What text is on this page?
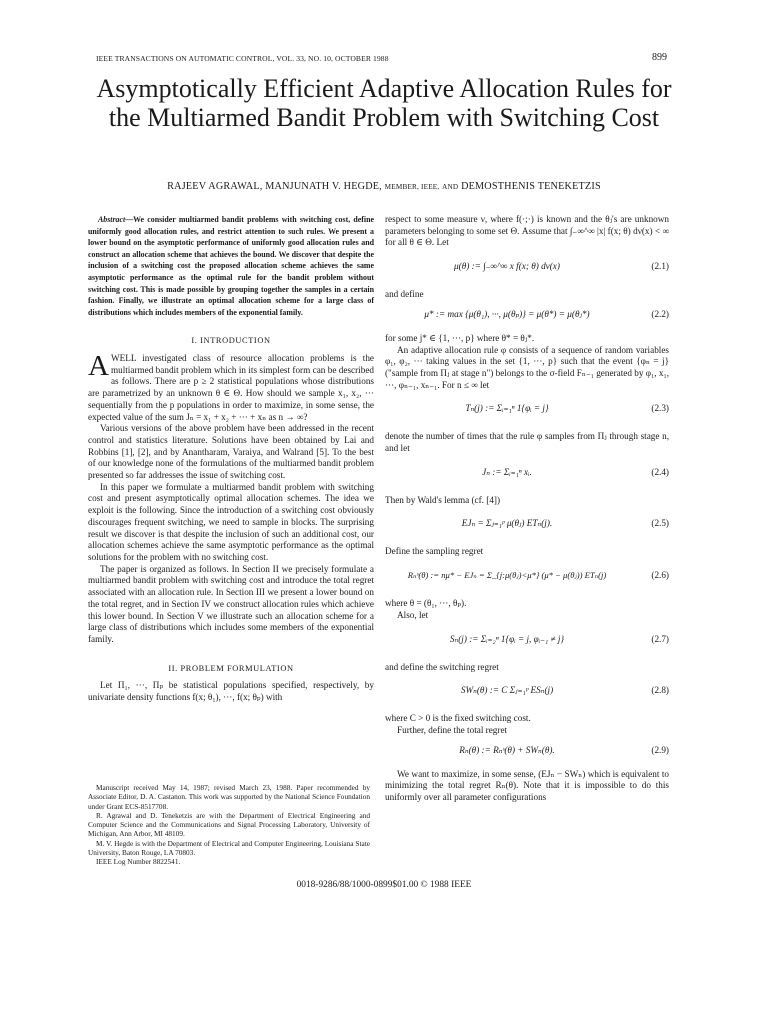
IEEE TRANSACTIONS ON AUTOMATIC CONTROL, VOL. 33, NO. 10, OCTOBER 1988	899
Asymptotically Efficient Adaptive Allocation Rules for the Multiarmed Bandit Problem with Switching Cost
RAJEEV AGRAWAL, MANJUNATH V. HEGDE, MEMBER, IEEE, AND DEMOSTHENIS TENEKETZIS

Abstract—We consider multiarmed bandit problems with switching cost, define uniformly good allocation rules, and restrict attention to such rules. We present a lower bound on the asymptotic performance of uniformly good allocation rules and construct an allocation scheme that achieves the bound. We discover that despite the inclusion of a switching cost the proposed allocation scheme achieves the same asymptotic performance as the optimal rule for the bandit problem without switching cost. This is made possible by grouping together the samples in a certain fashion. Finally, we illustrate an optimal allocation scheme for a large class of distributions which includes members of the exponential family.

I. INTRODUCTION

AWELL investigated class of resource allocation problems is the multiarmed bandit problem which in its simplest form can be described as follows. There are p ≥ 2 statistical populations whose distributions are parametrized by an unknown θ ∈ Θ. How should we sample x₁, x₂, ··· sequentially from the p populations in order to maximize, in some sense, the expected value of the sum Jₙ = x₁ + x₂ + ··· + xₙ as n → ∞?

Various versions of the above problem have been addressed in the recent control and statistics literature. Solutions have been obtained by Lai and Robbins [1], [2], and by Anantharam, Varaiya, and Walrand [5]. To the best of our knowledge none of the formulations of the multiarmed bandit problem presented so far addresses the issue of switching cost.

In this paper we formulate a multiarmed bandit problem with switching cost and present asymptotically optimal allocation schemes. The idea we exploit is the following. Since the introduction of a switching cost obviously discourages frequent switching, we need to sample in blocks. The surprising result we discover is that despite the inclusion of such an additional cost, our allocation schemes achieve the same asymptotic performance as the optimal solutions for the problem with no switching cost.

The paper is organized as follows. In Section II we precisely formulate a multiarmed bandit problem with switching cost and introduce the total regret associated with an allocation rule. In Section III we present a lower bound on the total regret, and in Section IV we construct allocation rules which achieve this lower bound. In Section V we illustrate such an allocation scheme for a large class of distributions which includes some members of the exponential family.

II. PROBLEM FORMULATION

Let Π₁, ···, Πₚ be statistical populations specified, respectively, by univariate density functions f(x; θ₁), ···, f(x; θₚ) with

Manuscript received May 14, 1987; revised March 23, 1988. Paper recommended by Associate Editor, D. A. Castanon. This work was supported by the National Science Foundation under Grant ECS-8517708.

R. Agrawal and D. Teneketzis are with the Department of Electrical Engineering and Computer Science and the Communications and Signal Processing Laboratory, University of Michigan, Ann Arbor, MI 48109.

M. V. Hegde is with the Department of Electrical and Computer Engineering, Louisiana State University, Baton Rouge, LA 70803.

IEEE Log Number 8822541.

respect to some measure ν, where f(·;·) is known and the θⱼ's are unknown parameters belonging to some set Θ. Assume that ∫₋∞^∞ |x| f(x; θ) dν(x) < ∞ for all θ ∈ Θ. Let

μ(θ) := ∫₋∞^∞ x f(x; θ) dν(x)	(2.1)

and define

μ* := max {μ(θ₁), ···, μ(θₚ)} = μ(θ*) = μ(θⱼ*)	(2.2)

for some j* ∈ {1, ···, p} where θ* = θⱼ*.

An adaptive allocation rule φ consists of a sequence of random variables φ₁, φ₂, ··· taking values in the set {1, ···, p} such that the event {φₙ = j} ("sample from Πⱼ at stage n") belongs to the σ-field Fₙ₋₁ generated by φ₁, x₁, ···, φₙ₋₁, xₙ₋₁. For n ≤ ∞ let

Tₙ(j) := Σᵢ₌₁ⁿ 1{φᵢ = j}	(2.3)

denote the number of times that the rule φ samples from Πⱼ through stage n, and let

Jₙ := Σᵢ₌₁ⁿ xᵢ.	(2.4)

Then by Wald's lemma (cf. [4])

EJₙ = Σⱼ₌₁ᵖ μ(θⱼ) ETₙ(j).	(2.5)

Define the sampling regret

Rₙˢ(θ) := nμ* − EJₙ = Σ_{j:μ(θⱼ)<μ*} (μ* − μ(θⱼ)) ETₙ(j)	(2.6)

where θ = (θ₁, ···, θₚ).

Also, let

Sₙ(j) := Σᵢ₌₂ⁿ 1{φᵢ = j, φᵢ₋₁ ≠ j}	(2.7)

and define the switching regret

SWₙ(θ) := C Σⱼ₌₁ᵖ ESₙ(j)	(2.8)

where C > 0 is the fixed switching cost.

Further, define the total regret

Rₙ(θ) := Rₙˢ(θ) + SWₙ(θ).	(2.9)

We want to maximize, in some sense, (EJₙ − SWₙ) which is equivalent to minimizing the total regret Rₙ(θ). Note that it is impossible to do this uniformly over all parameter configurations

0018-9286/88/1000-0899$01.00 © 1988 IEEE
